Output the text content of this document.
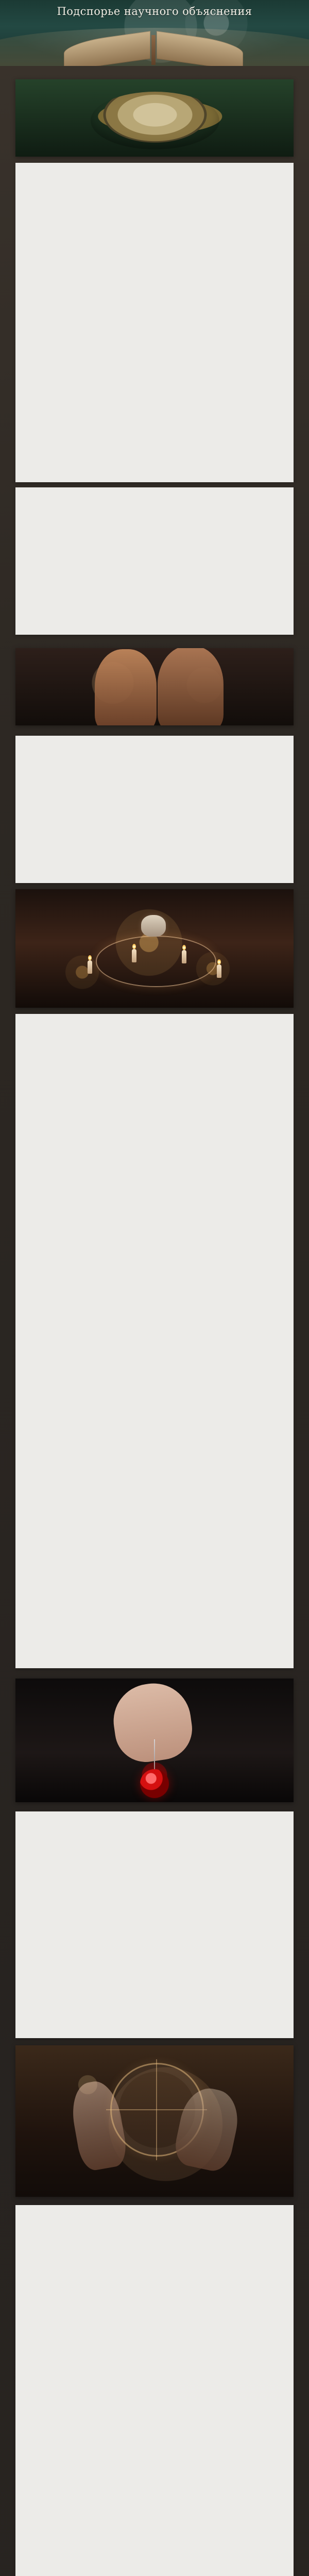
Подспорье научного объяснения
